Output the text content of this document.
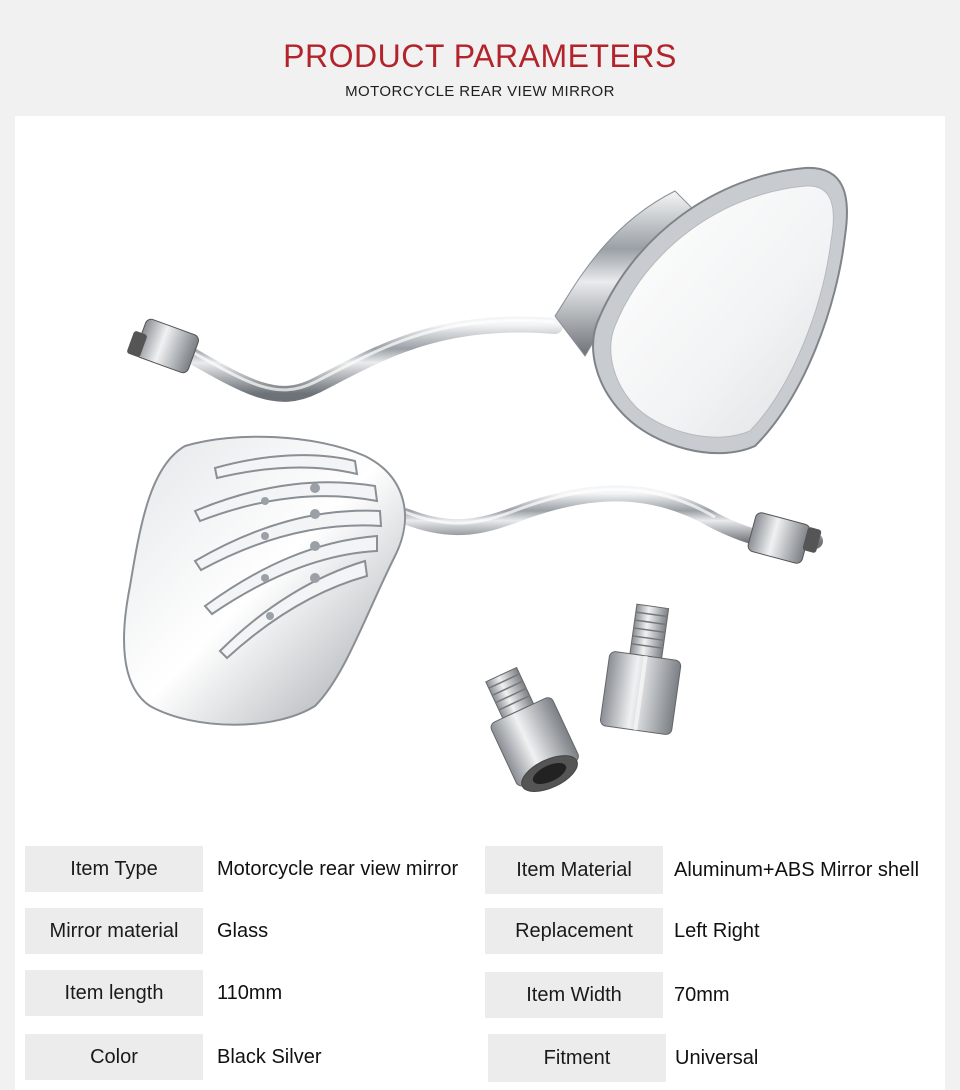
PRODUCT PARAMETERS
MOTORCYCLE REAR VIEW MIRROR
Item Type	Motorcycle rear view mirror
Mirror material	Glass
Item length	110mm
Color	Black Silver
Item Material	Aluminum+ABS Mirror shell
Replacement	Left Right
Item Width	70mm
Fitment	Universal
